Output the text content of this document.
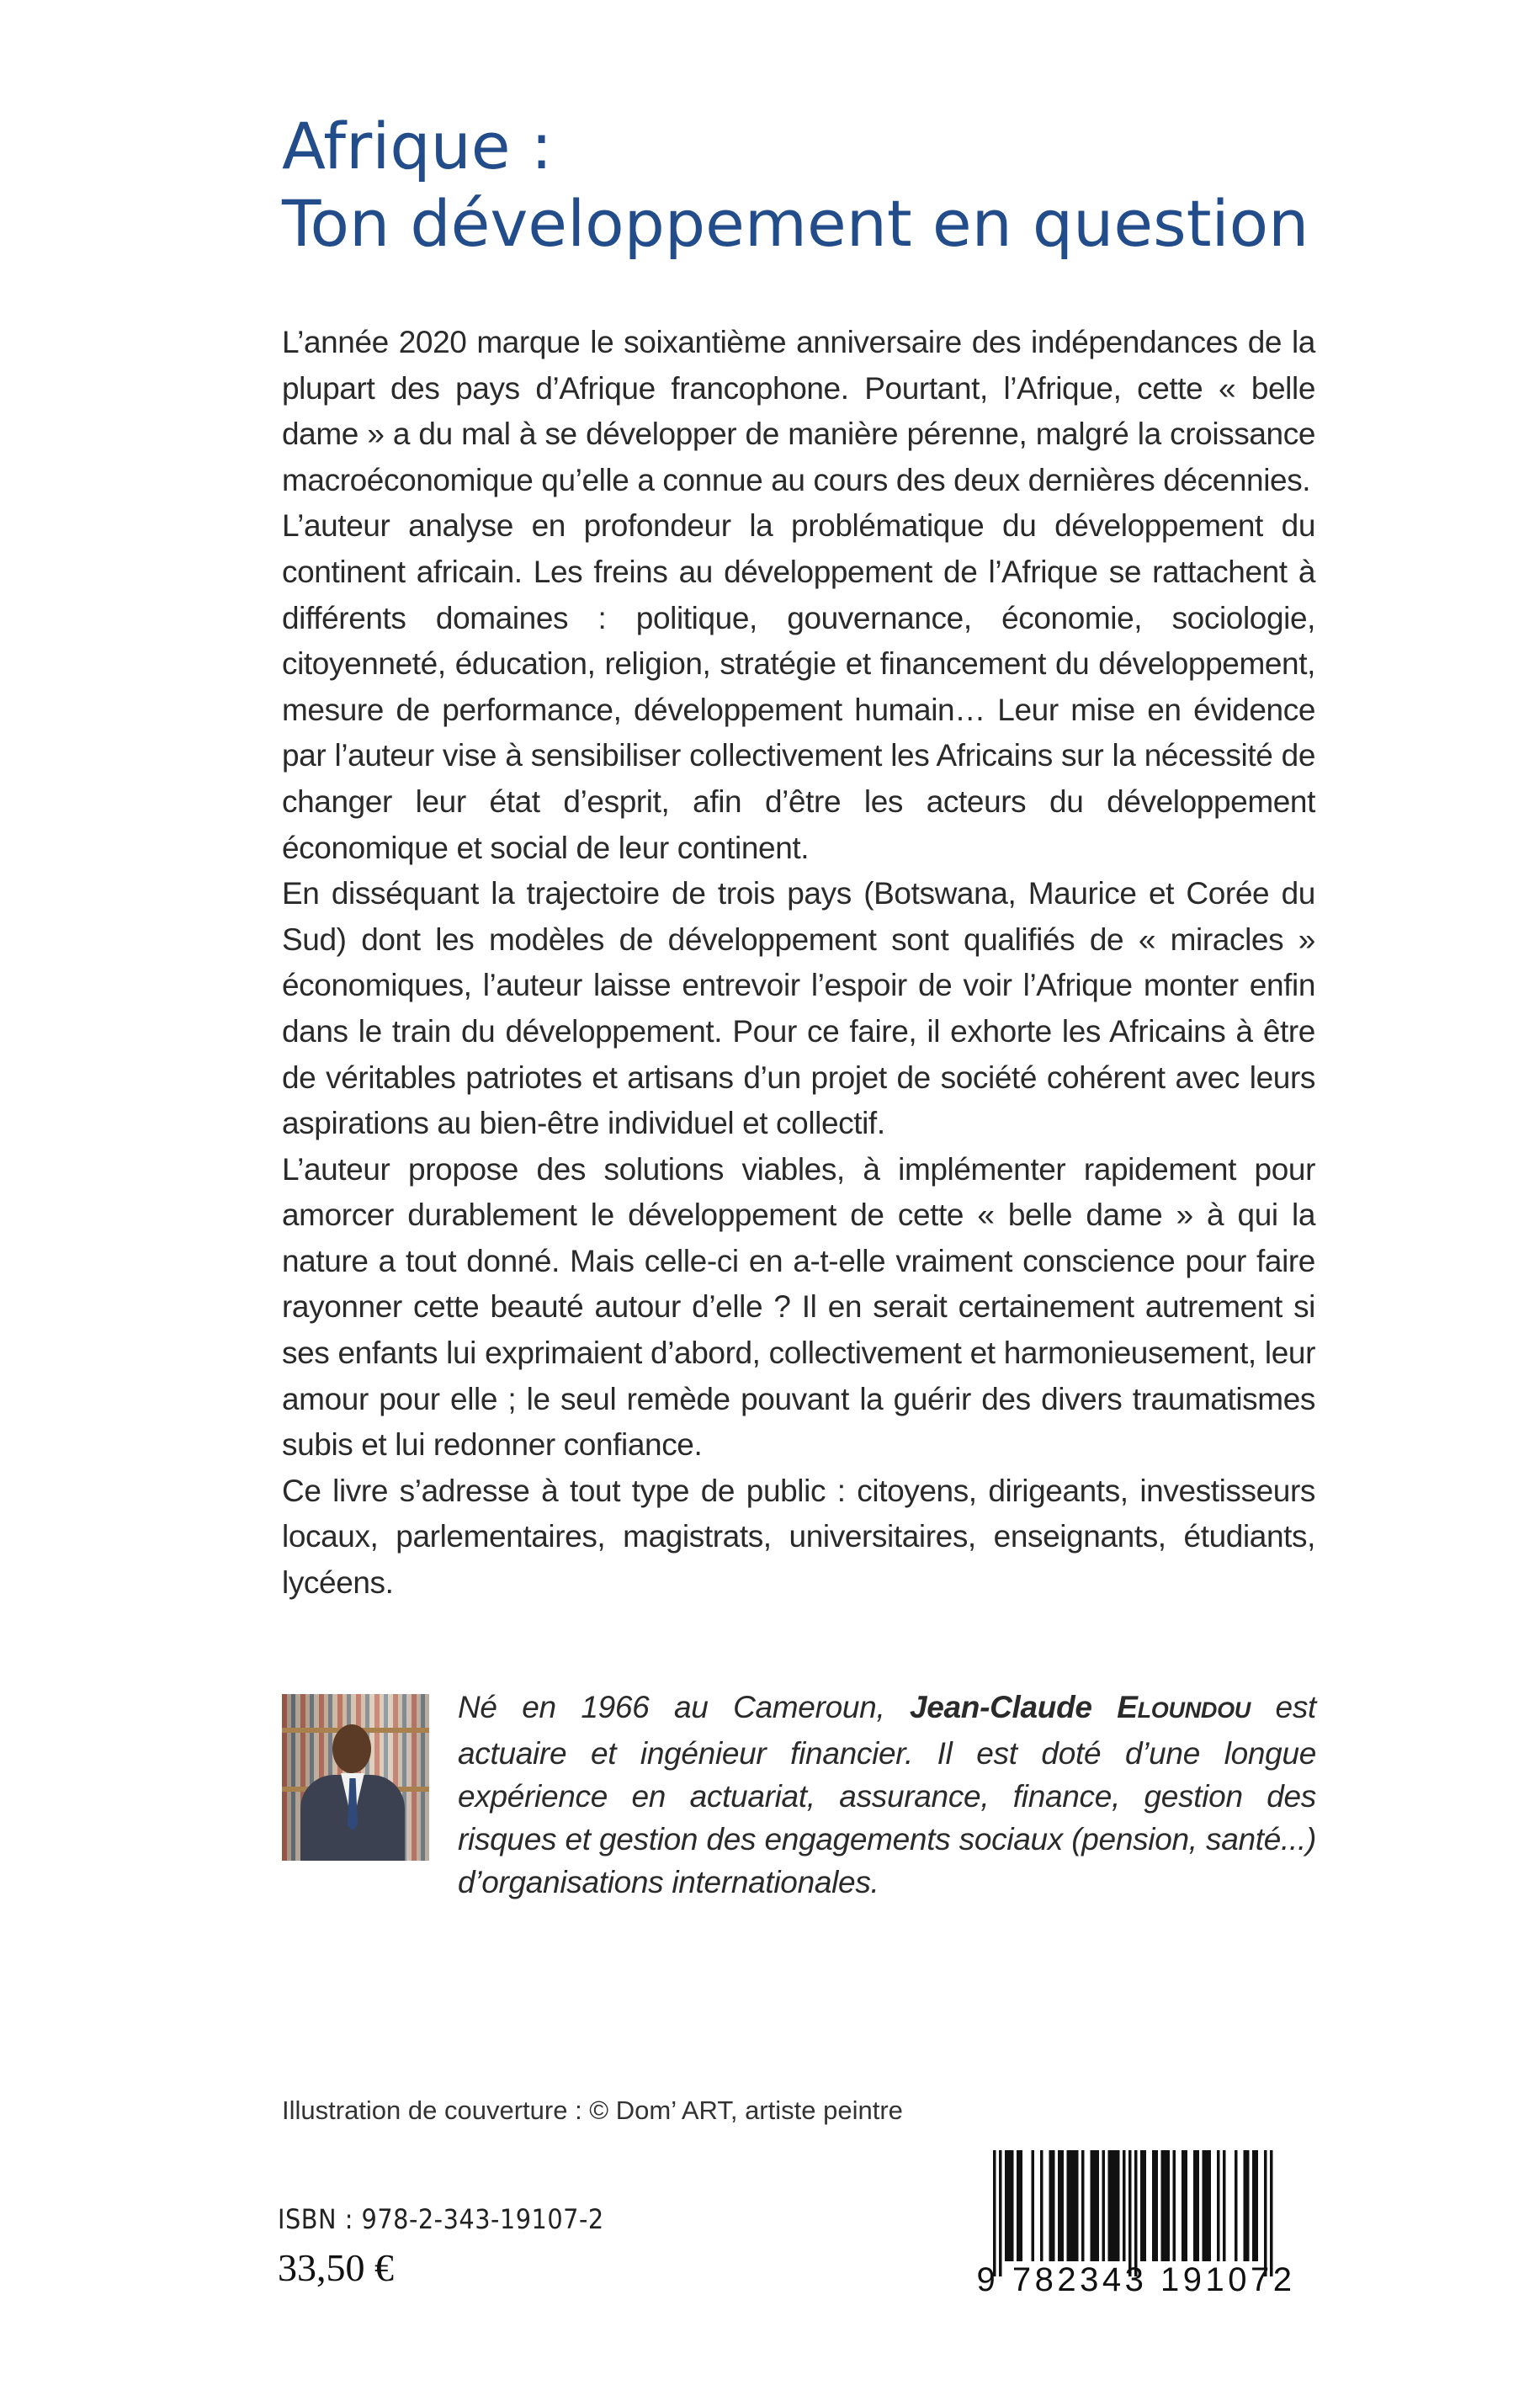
Afrique :
Ton développement en question

L’année 2020 marque le soixantième anniversaire des indépendances de la plupart des pays d’Afrique francophone. Pourtant, l’Afrique, cette « belle dame » a du mal à se développer de manière pérenne, malgré la croissance macroéconomique qu’elle a connue au cours des deux dernières décennies.

L’auteur analyse en profondeur la problématique du développement du continent africain. Les freins au développement de l’Afrique se rattachent à différents domaines : politique, gouvernance, économie, sociologie, citoyenneté, éducation, religion, stratégie et financement du développement, mesure de performance, développement humain… Leur mise en évidence par l’auteur vise à sensibiliser collectivement les Africains sur la nécessité de changer leur état d’esprit, afin d’être les acteurs du développement économique et social de leur continent.

En disséquant la trajectoire de trois pays (Botswana, Maurice et Corée du Sud) dont les modèles de développement sont qualifiés de « miracles » économiques, l’auteur laisse entrevoir l’espoir de voir l’Afrique monter enfin dans le train du développement. Pour ce faire, il exhorte les Africains à être de véritables patriotes et artisans d’un projet de société cohérent avec leurs aspirations au bien-être individuel et collectif.

L’auteur propose des solutions viables, à implémenter rapidement pour amorcer durablement le développement de cette « belle dame » à qui la nature a tout donné. Mais celle-ci en a-t-elle vraiment conscience pour faire rayonner cette beauté autour d’elle ? Il en serait certainement autrement si ses enfants lui exprimaient d’abord, collectivement et harmonieusement, leur amour pour elle ; le seul remède pouvant la guérir des divers traumatismes subis et lui redonner confiance.

Ce livre s’adresse à tout type de public : citoyens, dirigeants, investisseurs locaux, parlementaires, magistrats, universitaires, enseignants, étudiants, lycéens.

Né en 1966 au Cameroun, Jean-Claude ELOUNDOU est actuaire et ingénieur financier. Il est doté d’une longue expérience en actuariat, assurance, finance, gestion des risques et gestion des engagements sociaux (pension, santé...) d’organisations internationales.
Illustration de couverture : © Dom’ ART, artiste peintre
ISBN : 978-2-343-19107-2
33,50 €	9 782343 191072
